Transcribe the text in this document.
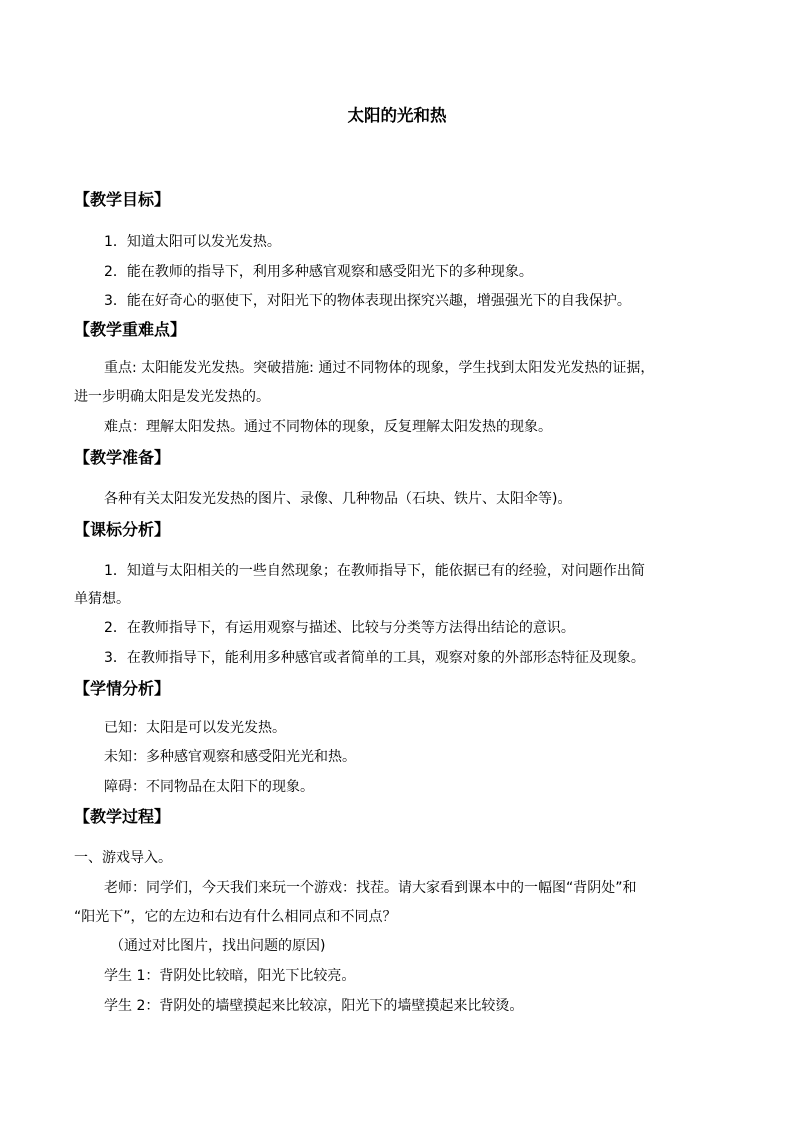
太阳的光和热
【教学目标】

1．知道太阳可以发光发热。

2．能在教师的指导下，利用多种感官观察和感受阳光下的多种现象。

3．能在好奇心的驱使下，对阳光下的物体表现出探究兴趣，增强强光下的自我保护。

【教学重难点】

重点: 太阳能发光发热。突破措施: 通过不同物体的现象，学生找到太阳发光发热的证据，

进一步明确太阳是发光发热的。

难点：理解太阳发热。通过不同物体的现象，反复理解太阳发热的现象。

【教学准备】

各种有关太阳发光发热的图片、录像、几种物品（石块、铁片、太阳伞等)。

【课标分析】

1．知道与太阳相关的一些自然现象；在教师指导下，能依据已有的经验，对问题作出简

单猜想。

2．在教师指导下，有运用观察与描述、比较与分类等方法得出结论的意识。

3．在教师指导下，能利用多种感官或者简单的工具，观察对象的外部形态特征及现象。

【学情分析】

已知：太阳是可以发光发热。

未知：多种感官观察和感受阳光光和热。

障碍：不同物品在太阳下的现象。

【教学过程】

一、游戏导入。

老师：同学们，今天我们来玩一个游戏：找茬。请大家看到课本中的一幅图“背阴处”和

“阳光下”，它的左边和右边有什么相同点和不同点？

（通过对比图片，找出问题的原因)

学生 1：背阴处比较暗，阳光下比较亮。

学生 2：背阴处的墙壁摸起来比较凉，阳光下的墙壁摸起来比较烫。
